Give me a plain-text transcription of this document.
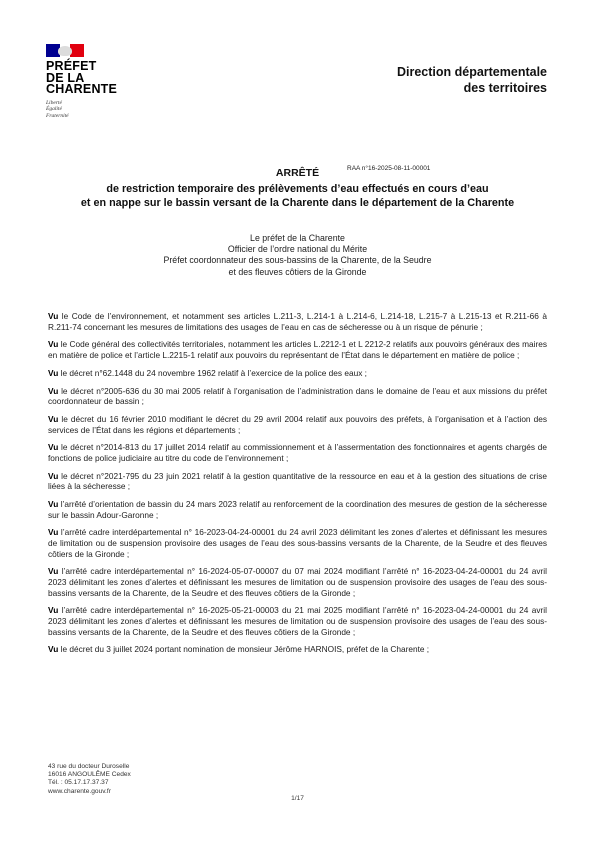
PRÉFET
DE LA
CHARENTE
Liberté
Égalité
Fraternité
Direction départementale
des territoires
RAA n°16-2025-08-11-00001
ARRÊTÉ
de restriction temporaire des prélèvements d’eau effectués en cours d’eau
et en nappe sur le bassin versant de la Charente dans le département de la Charente
Le préfet de la Charente
Officier de l’ordre national du Mérite
Préfet coordonnateur des sous-bassins de la Charente, de la Seudre
et des fleuves côtiers de la Gironde

Vu le Code de l’environnement, et notamment ses articles L.211-3, L.214-1 à L.214-6, L.214-18, L.215-7 à L.215-13 et R.211-66 à R.211-74 concernant les mesures de limitations des usages de l’eau en cas de sécheresse ou à un risque de pénurie ;

Vu le Code général des collectivités territoriales, notamment les articles L.2212-1 et L 2212-2 relatifs aux pouvoirs généraux des maires en matière de police et l’article L.2215-1 relatif aux pouvoirs du représentant de l’État dans le département en matière de police ;

Vu le décret n°62.1448 du 24 novembre 1962 relatif à l’exercice de la police des eaux ;

Vu le décret n°2005-636 du 30 mai 2005 relatif à l’organisation de l’administration dans le domaine de l’eau et aux missions du préfet coordonnateur de bassin ;

Vu le décret du 16 février 2010 modifiant le décret du 29 avril 2004 relatif aux pouvoirs des préfets, à l’organisation et à l’action des services de l’État dans les régions et départements ;

Vu le décret n°2014-813 du 17 juillet 2014 relatif au commissionnement et à l’assermentation des fonctionnaires et agents chargés de fonctions de police judiciaire au titre du code de l’environnement ;

Vu le décret n°2021-795 du 23 juin 2021 relatif à la gestion quantitative de la ressource en eau et à la gestion des situations de crise liées à la sécheresse ;

Vu l’arrêté d’orientation de bassin du 24 mars 2023 relatif au renforcement de la coordination des mesures de gestion de la sécheresse sur le bassin Adour-Garonne ;

Vu l’arrêté cadre interdépartemental n° 16-2023-04-24-00001 du 24 avril 2023 délimitant les zones d’alertes et définissant les mesures de limitation ou de suspension provisoire des usages de l’eau des sous-bassins versants de la Charente, de la Seudre et des fleuves côtiers de la Gironde ;

Vu l’arrêté cadre interdépartemental n° 16-2024-05-07-00007 du 07 mai 2024 modifiant l’arrêté n° 16-2023-04-24-00001 du 24 avril 2023 délimitant les zones d’alertes et définissant les mesures de limitation ou de suspension provisoire des usages de l’eau des sous-bassins versants de la Charente, de la Seudre et des fleuves côtiers de la Gironde ;

Vu l’arrêté cadre interdépartemental n° 16-2025-05-21-00003 du 21 mai 2025 modifiant l’arrêté n° 16-2023-04-24-00001 du 24 avril 2023 délimitant les zones d’alertes et définissant les mesures de limitation ou de suspension provisoire des usages de l’eau des sous-bassins versants de la Charente, de la Seudre et des fleuves côtiers de la Gironde ;

Vu le décret du 3 juillet 2024 portant nomination de monsieur Jérôme HARNOIS, préfet de la Charente ;

43 rue du docteur Duroselle
16016 ANGOULÊME Cedex
Tél. : 05.17.17.37.37
www.charente.gouv.fr
1/17
